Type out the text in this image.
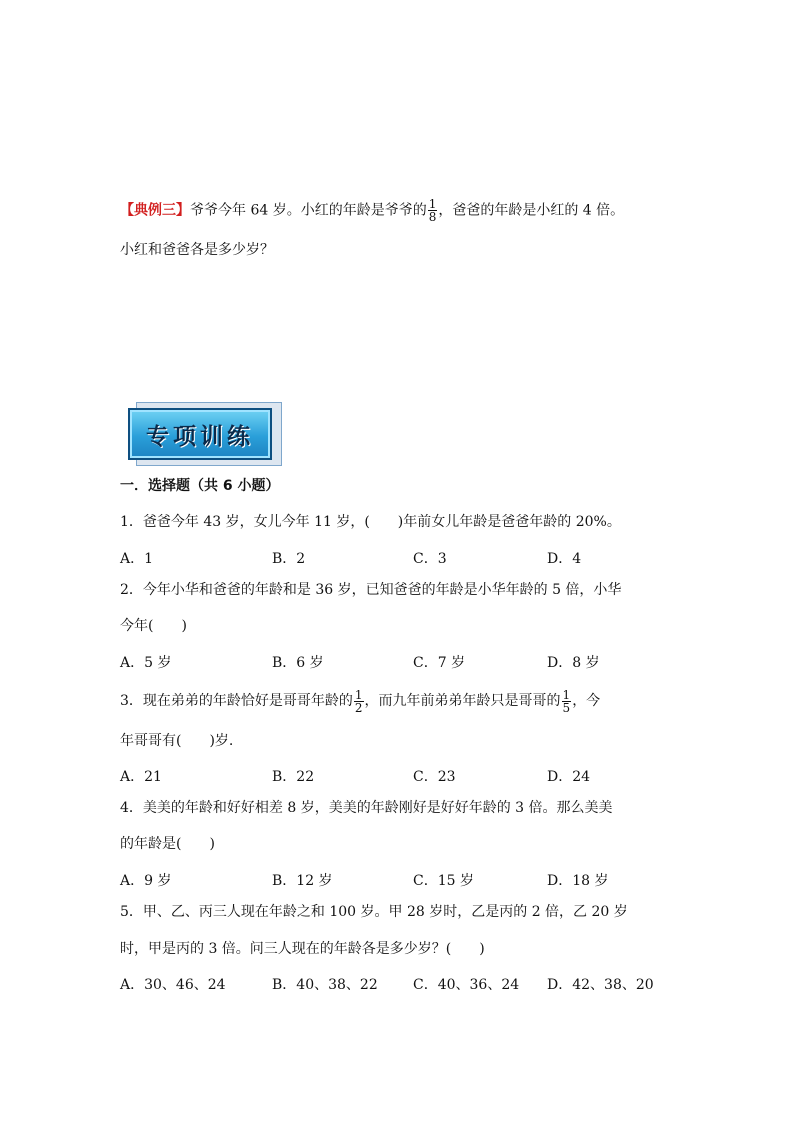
【典例三】爷爷今年 64 岁。小红的年龄是爷爷的 $\frac{1}{8}$ ，爸爸的年龄是小红的 4 倍。
小红和爸爸各是多少岁？
专项训练
一．选择题（共 6 小题）
1．爸爸今年 43 岁，女儿今年 11 岁，(　　)年前女儿年龄是爸爸年龄的 20%。
A．1	B．2	C．3	D．4
2．今年小华和爸爸的年龄和是 36 岁，已知爸爸的年龄是小华年龄的 5 倍，小华
今年(　　)
A．5 岁	B．6 岁	C．7 岁	D．8 岁
3．现在弟弟的年龄恰好是哥哥年龄的 $\frac{1}{2}$ ，而九年前弟弟年龄只是哥哥的 $\frac{1}{5}$ ，今
年哥哥有(　　)岁.
A．21	B．22	C．23	D．24
4．美美的年龄和好好相差 8 岁，美美的年龄刚好是好好年龄的 3 倍。那么美美
的年龄是(　　)
A．9 岁	B．12 岁	C．15 岁	D．18 岁
5．甲、乙、丙三人现在年龄之和 100 岁。甲 28 岁时，乙是丙的 2 倍，乙 20 岁
时，甲是丙的 3 倍。问三人现在的年龄各是多少岁？(　　)
A．30、46、24	B．40、38、22	C．40、36、24 D．42、38、20
